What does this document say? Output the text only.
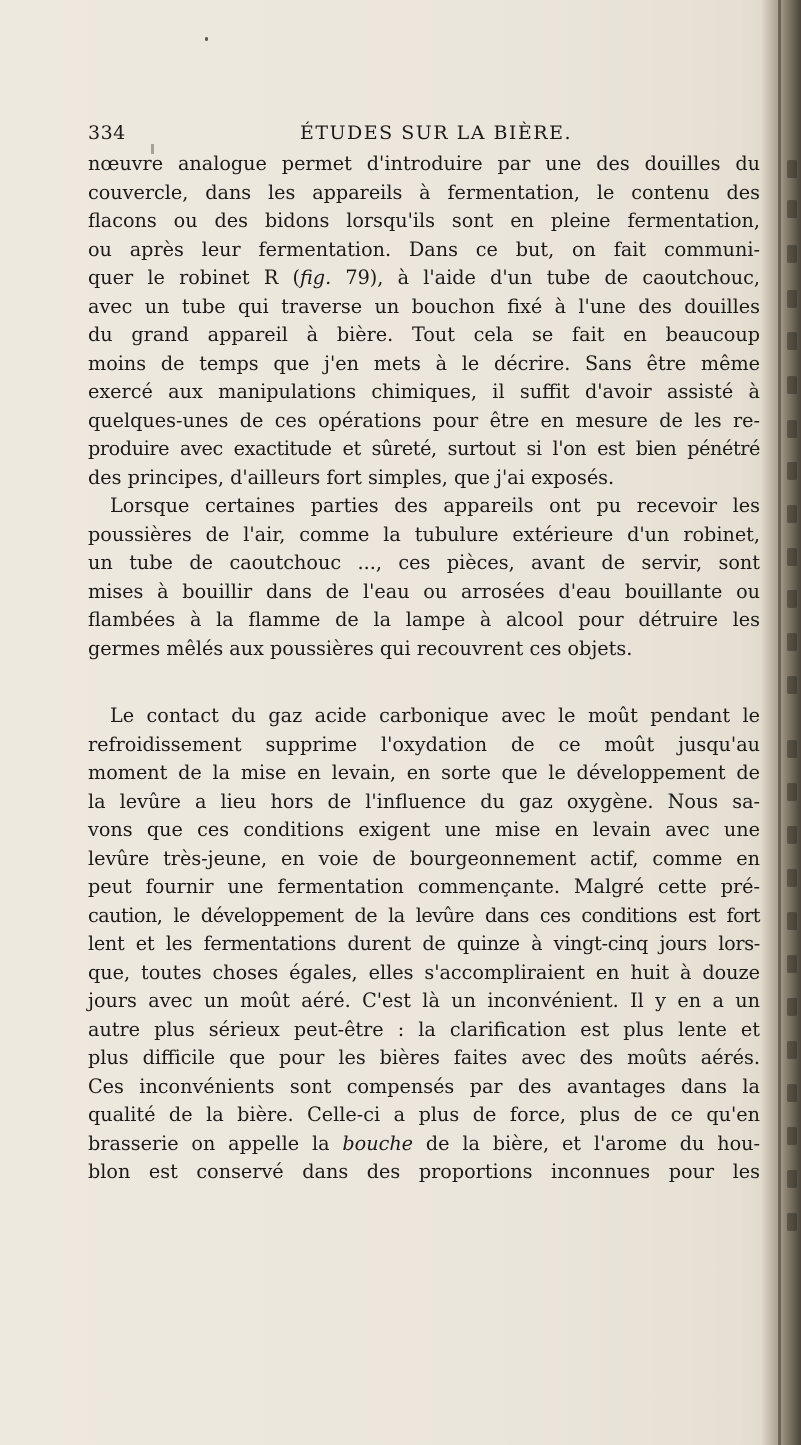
334	ÉTUDES SUR LA BIÈRE.

nœuvre analogue permet d'introduire par une des douilles du
couvercle, dans les appareils à fermentation, le contenu des
flacons ou des bidons lorsqu'ils sont en pleine fermentation,
ou après leur fermentation. Dans ce but, on fait communi-
quer le robinet R (fig. 79), à l'aide d'un tube de caoutchouc,
avec un tube qui traverse un bouchon fixé à l'une des douilles
du grand appareil à bière. Tout cela se fait en beaucoup
moins de temps que j'en mets à le décrire. Sans être même
exercé aux manipulations chimiques, il suffit d'avoir assisté à
quelques-unes de ces opérations pour être en mesure de les re-
produire avec exactitude et sûreté, surtout si l'on est bien pénétré
des principes, d'ailleurs fort simples, que j'ai exposés.

Lorsque certaines parties des appareils ont pu recevoir les
poussières de l'air, comme la tubulure extérieure d'un robinet,
un tube de caoutchouc ..., ces pièces, avant de servir, sont
mises à bouillir dans de l'eau ou arrosées d'eau bouillante ou
flambées à la flamme de la lampe à alcool pour détruire les
germes mêlés aux poussières qui recouvrent ces objets.

Le contact du gaz acide carbonique avec le moût pendant le
refroidissement supprime l'oxydation de ce moût jusqu'au
moment de la mise en levain, en sorte que le développement de
la levûre a lieu hors de l'influence du gaz oxygène. Nous sa-
vons que ces conditions exigent une mise en levain avec une
levûre très-jeune, en voie de bourgeonnement actif, comme en
peut fournir une fermentation commençante. Malgré cette pré-
caution, le développement de la levûre dans ces conditions est fort
lent et les fermentations durent de quinze à vingt-cinq jours lors-
que, toutes choses égales, elles s'accompliraient en huit à douze
jours avec un moût aéré. C'est là un inconvénient. Il y en a un
autre plus sérieux peut-être : la clarification est plus lente et
plus difficile que pour les bières faites avec des moûts aérés.
Ces inconvénients sont compensés par des avantages dans la
qualité de la bière. Celle-ci a plus de force, plus de ce qu'en
brasserie on appelle la bouche de la bière, et l'arome du hou-
blon est conservé dans des proportions inconnues pour les
